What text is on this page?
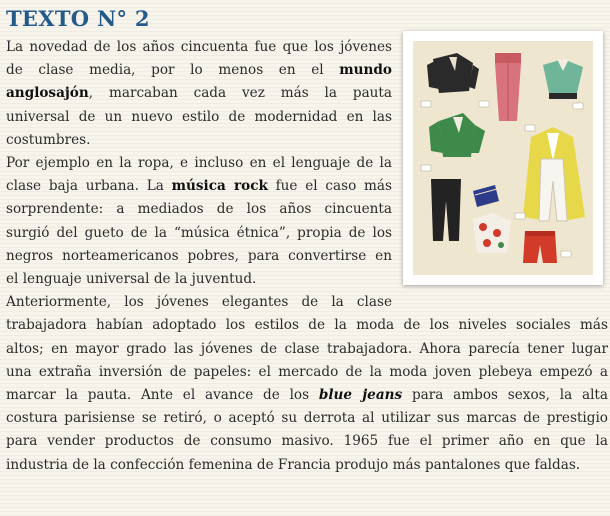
TEXTO N° 2

La novedad de los años cincuenta fue que los jóvenes
de clase media, por lo menos en el mundo
anglosajón, marcaban cada vez más la pauta
universal de un nuevo estilo de modernidad en las
costumbres.

Por ejemplo en la ropa, e incluso en el lenguaje de la
clase baja urbana. La música rock fue el caso más
sorprendente: a mediados de los años cincuenta
surgió del gueto de la “música étnica”, propia de los
negros norteamericanos pobres, para convertirse en
el lenguaje universal de la juventud.

Anteriormente, los jóvenes elegantes de la clase

trabajadora habían adoptado los estilos de la moda de los niveles sociales más
altos; en mayor grado las jóvenes de clase trabajadora. Ahora parecía tener lugar
una extraña inversión de papeles: el mercado de la moda joven plebeya empezó a
marcar la pauta. Ante el avance de los blue jeans para ambos sexos, la alta
costura parisiense se retiró, o aceptó su derrota al utilizar sus marcas de prestigio
para vender productos de consumo masivo. 1965 fue el primer año en que la
industria de la confección femenina de Francia produjo más pantalones que faldas.
